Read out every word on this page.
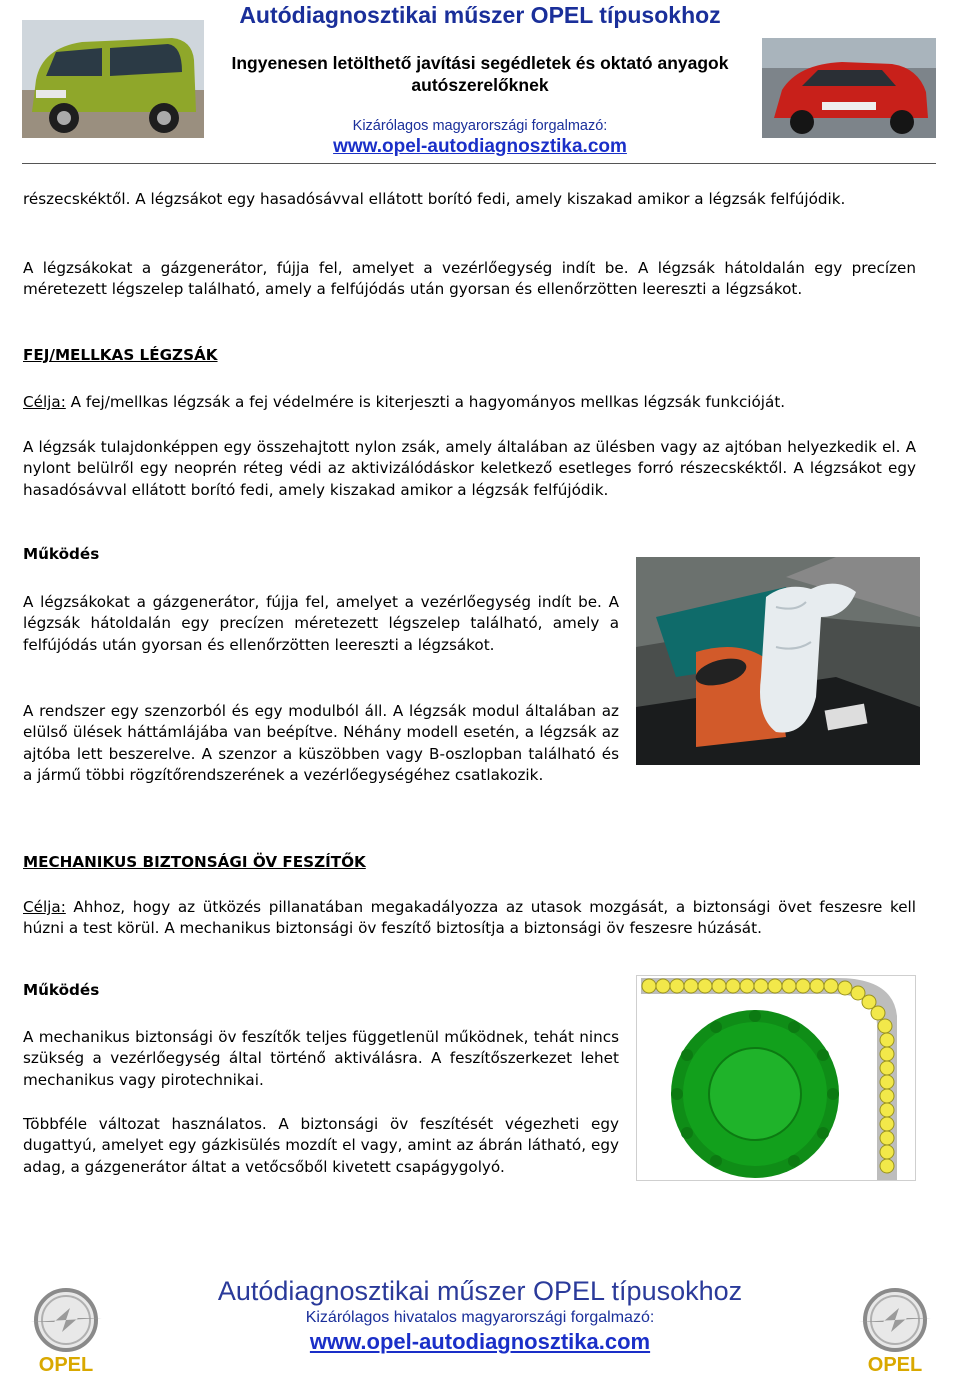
Autódiagnosztikai műszer OPEL típusokhoz
Ingyenesen letölthető javítási segédletek és oktató anyagok autószerelőknek
Kizárólagos magyarországi forgalmazó:
www.opel-autodiagnosztika.com

részecskéktől. A légzsákot egy hasadósávval ellátott borító fedi, amely kiszakad amikor a légzsák felfújódik.

A légzsákokat a gázgenerátor, fújja fel, amelyet a vezérlőegység indít be. A légzsák hátoldalán egy precízen méretezett légszelep található, amely a felfújódás után gyorsan és ellenőrzötten leereszti a légzsákot.

FEJ/MELLKAS LÉGZSÁK

Célja: A fej/mellkas légzsák a fej védelmére is kiterjeszti a hagyományos mellkas légzsák funkcióját.

A légzsák tulajdonképpen egy összehajtott nylon zsák, amely általában az ülésben vagy az ajtóban helyezkedik el. A nylont belülről egy neoprén réteg védi az aktivizálódáskor keletkező esetleges forró részecskéktől. A légzsákot egy hasadósávval ellátott borító fedi, amely kiszakad amikor a légzsák felfújódik.

Működés

A légzsákokat a gázgenerátor, fújja fel, amelyet a vezérlőegység indít be. A légzsák hátoldalán egy precízen méretezett légszelep található, amely a felfújódás után gyorsan és ellenőrzötten leereszti a légzsákot.

A rendszer egy szenzorból és egy modulból áll. A légzsák modul általában az elülső ülések háttámlájába van beépítve. Néhány modell esetén, a légzsák az ajtóba lett beszerelve. A szenzor a küszöbben vagy B-oszlopban található és a jármű többi rögzítőrendszerének a vezérlőegységéhez csatlakozik.

MECHANIKUS BIZTONSÁGI ÖV FESZÍTŐK

Célja: Ahhoz, hogy az ütközés pillanatában megakadályozza az utasok mozgását, a biztonsági övet feszesre kell húzni a test körül. A mechanikus biztonsági öv feszítő biztosítja a biztonsági öv feszesre húzását.

Működés

A mechanikus biztonsági öv feszítők teljes függetlenül működnek, tehát nincs szükség a vezérlőegység által történő aktiválásra. A feszítőszerkezet lehet mechanikus vagy pirotechnikai.

Többféle változat használatos. A biztonsági öv feszítését végezheti egy dugattyú, amelyet egy gázkisülés mozdít el vagy, amint az ábrán látható, egy adag, a gázgenerátor áltat a vetőcsőből kivetett csapágygolyó.

OPEL	OPEL
Autódiagnosztikai műszer OPEL típusokhoz
Kizárólagos hivatalos magyarországi forgalmazó:
www.opel-autodiagnosztika.com
